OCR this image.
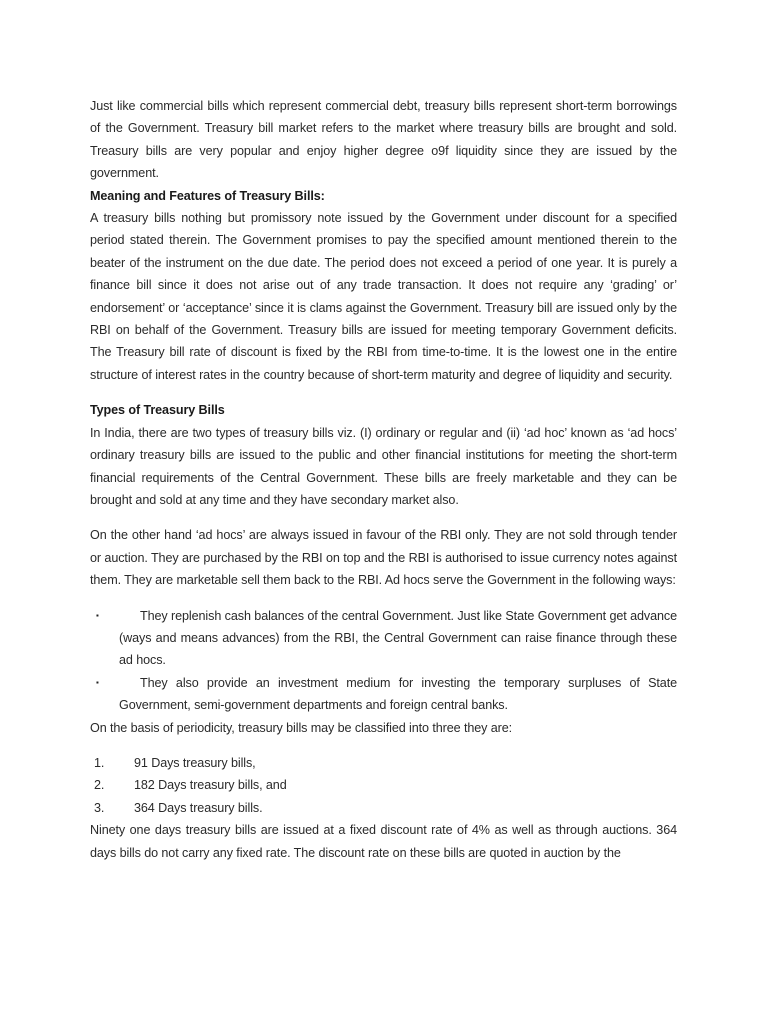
Just like commercial bills which represent commercial debt, treasury bills represent short-term borrowings of the Government. Treasury bill market refers to the market where treasury bills are brought and sold. Treasury bills are very popular and enjoy higher degree o9f liquidity since they are issued by the government.

Meaning and Features of Treasury Bills:

A treasury bills nothing but promissory note issued by the Government under discount for a specified period stated therein. The Government promises to pay the specified amount mentioned therein to the beater of the instrument on the due date. The period does not exceed a period of one year. It is purely a finance bill since it does not arise out of any trade transaction. It does not require any ‘grading’ or’ endorsement’ or ‘acceptance’ since it is clams against the Government. Treasury bill are issued only by the RBI on behalf of the Government. Treasury bills are issued for meeting temporary Government deficits. The Treasury bill rate of discount is fixed by the RBI from time-to-time. It is the lowest one in the entire structure of interest rates in the country because of short-term maturity and degree of liquidity and security.

Types of Treasury Bills

In India, there are two types of treasury bills viz. (I) ordinary or regular and (ii) ‘ad hoc’ known as ‘ad hocs’ ordinary treasury bills are issued to the public and other financial institutions for meeting the short-term financial requirements of the Central Government. These bills are freely marketable and they can be brought and sold at any time and they have secondary market also.

On the other hand ‘ad hocs’ are always issued in favour of the RBI only. They are not sold through tender or auction. They are purchased by the RBI on top and the RBI is authorised to issue currency notes against them. They are marketable sell them back to the RBI. Ad hocs serve the Government in the following ways:

▪	They replenish cash balances of the central Government. Just like State Government get advance (ways and means advances) from the RBI, the Central Government can raise finance through these ad hocs.
▪	They also provide an investment medium for investing the temporary surpluses of State Government, semi-government departments and foreign central banks.

On the basis of periodicity, treasury bills may be classified into three they are:

1. 91 Days treasury bills,
2. 182 Days treasury bills, and
3. 364 Days treasury bills.

Ninety one days treasury bills are issued at a fixed discount rate of 4% as well as through auctions. 364 days bills do not carry any fixed rate. The discount rate on these bills are quoted in auction by the
